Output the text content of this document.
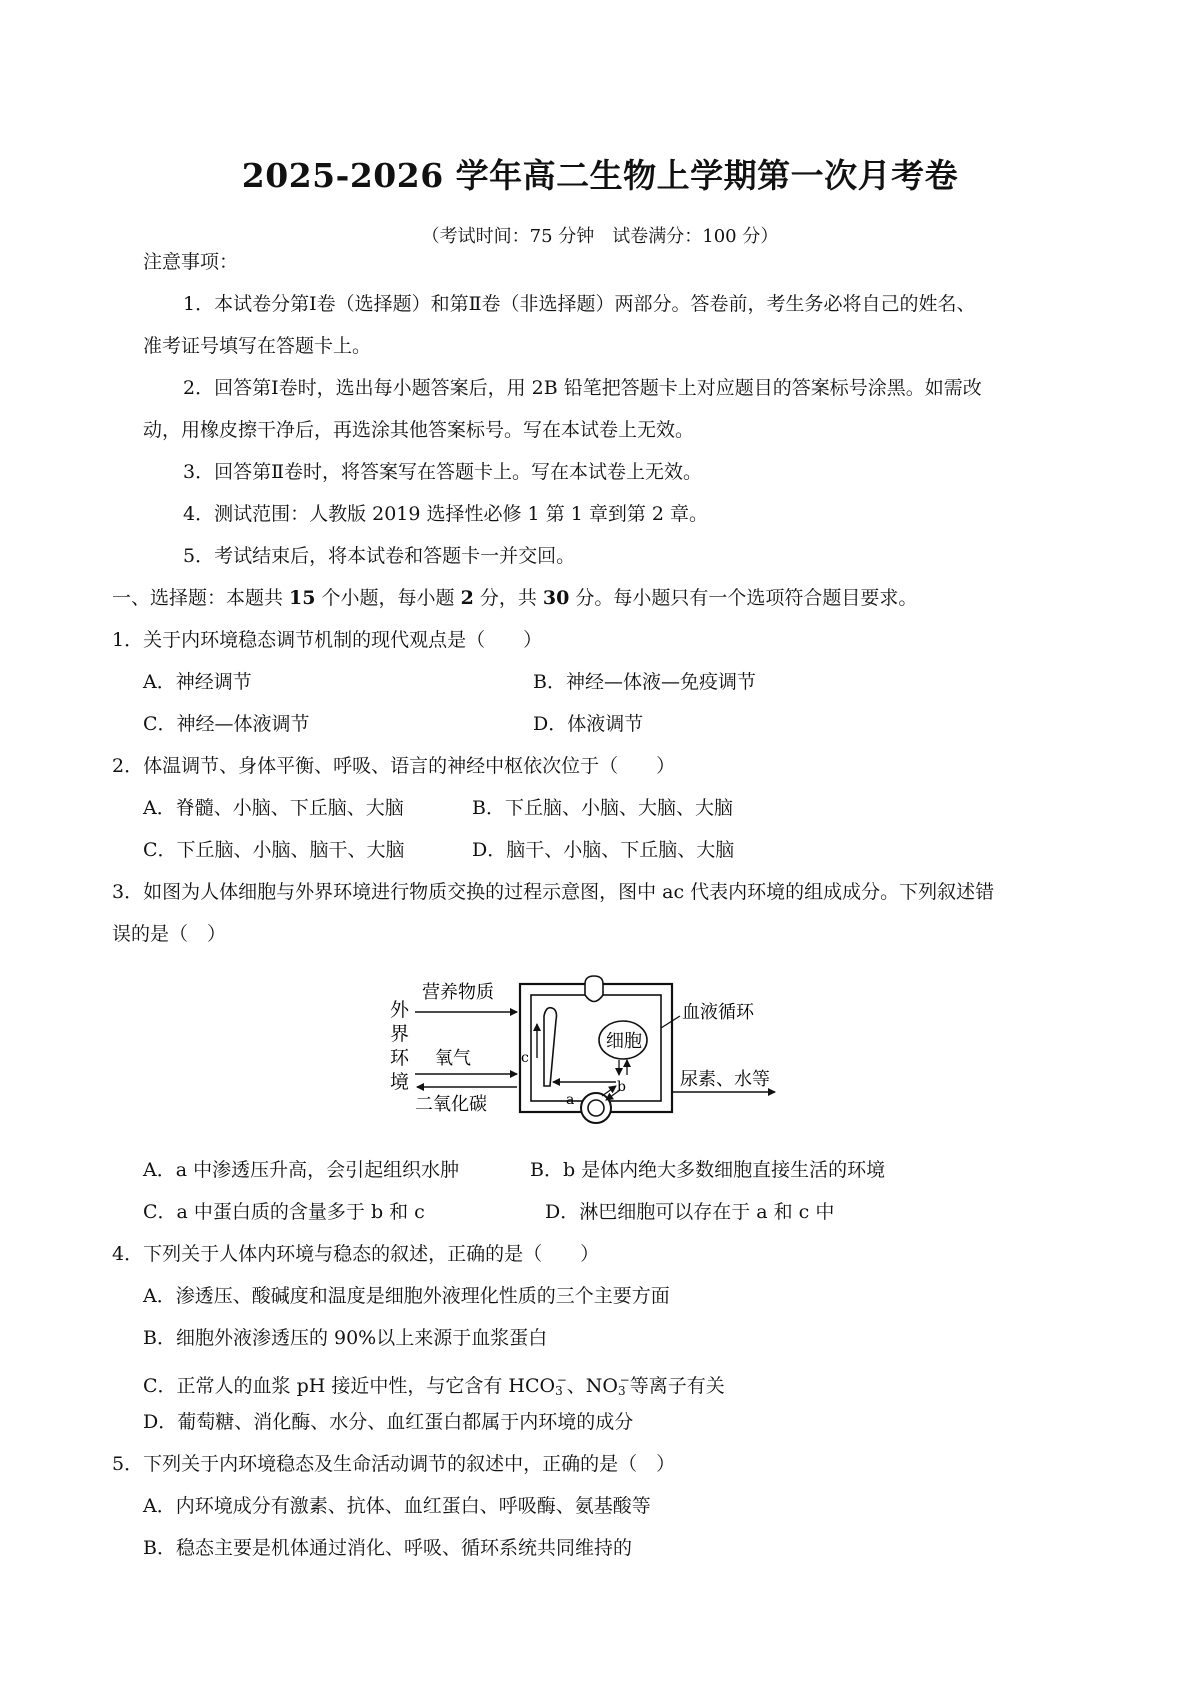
2025-2026 学年高二生物上学期第一次月考卷
（考试时间：75 分钟　试卷满分：100 分）
注意事项：
1．本试卷分第Ⅰ卷（选择题）和第Ⅱ卷（非选择题）两部分。答卷前，考生务必将自己的姓名、
准考证号填写在答题卡上。
2．回答第Ⅰ卷时，选出每小题答案后，用 2B 铅笔把答题卡上对应题目的答案标号涂黑。如需改
动，用橡皮擦干净后，再选涂其他答案标号。写在本试卷上无效。
3．回答第Ⅱ卷时，将答案写在答题卡上。写在本试卷上无效。
4．测试范围：人教版 2019 选择性必修 1 第 1 章到第 2 章。
5．考试结束后，将本试卷和答题卡一并交回。
一、选择题：本题共 15 个小题，每小题 2 分，共 30 分。每小题只有一个选项符合题目要求。
1．关于内环境稳态调节机制的现代观点是（　　）
A．神经调节	B．神经—体液—免疫调节
C．神经—体液调节	D．体液调节
2．体温调节、身体平衡、呼吸、语言的神经中枢依次位于（　　）
A．脊髓、小脑、下丘脑、大脑	B．下丘脑、小脑、大脑、大脑
C．下丘脑、小脑、脑干、大脑	D．脑干、小脑、下丘脑、大脑
3．如图为人体细胞与外界环境进行物质交换的过程示意图，图中 ac 代表内环境的组成成分。下列叙述错
误的是（　）
外
界
环
境
营养物质
氧气
二氧化碳
c
细胞
b
a
血液循环
尿素、水等
A．a 中渗透压升高，会引起组织水肿	B．b 是体内绝大多数细胞直接生活的环境
C．a 中蛋白质的含量多于 b 和 c	D．淋巴细胞可以存在于 a 和 c 中
4．下列关于人体内环境与稳态的叙述，正确的是（　　）
A．渗透压、酸碱度和温度是细胞外液理化性质的三个主要方面
B．细胞外液渗透压的 90%以上来源于血浆蛋白
C．正常人的血浆 pH 接近中性，与它含有 HCO3−、NO3−等离子有关
D．葡萄糖、消化酶、水分、血红蛋白都属于内环境的成分
5．下列关于内环境稳态及生命活动调节的叙述中，正确的是（　）
A．内环境成分有激素、抗体、血红蛋白、呼吸酶、氨基酸等
B．稳态主要是机体通过消化、呼吸、循环系统共同维持的
